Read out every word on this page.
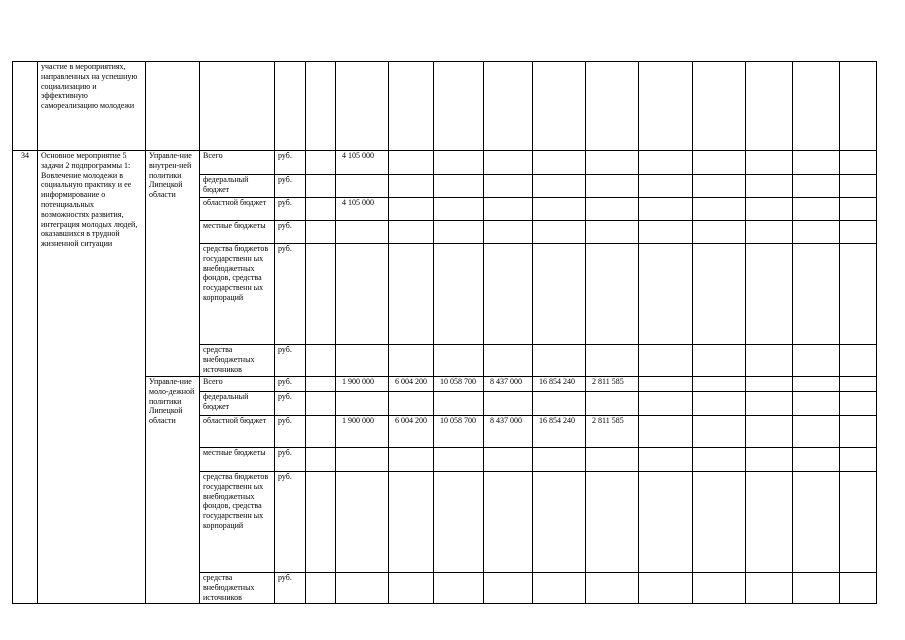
	участие в мероприятиях, направленных на успешную социализацию и эффективную самореализацию молодежи															
34	Основное мероприятие 5 задачи 2 подпрограммы 1: Вовлечение молодежи в социальную практику и ее информирование о потенциальных возможностях развития, интеграция молодых людей, оказавшихся в трудной жизненной ситуации	Управле-ние внутрен-ней политики Липецкой области	Всего	руб.		4 105 000										
			федеральный бюджет	руб.												
			областной бюджет	руб.		4 105 000										
			местные бюджеты	руб.												
			средства бюджетов государственн ых внебюджетных фондов, средства государственн ых корпораций	руб.												
			средства внебюджетных источников	руб.												
		Управле-ние моло-дежной политики Липецкой области	Всего	руб.		1 900 000	6 004 200	10 058 700	8 437 000	16 854 240	2 811 585					
			федеральный бюджет	руб.												
			областной бюджет	руб.		1 900 000	6 004 200	10 058 700	8 437 000	16 854 240	2 811 585					
			местные бюджеты	руб.												
			средства бюджетов государственн ых внебюджетных фондов, средства государственн ых корпораций	руб.												
			средства внебюджетных источников	руб.												
